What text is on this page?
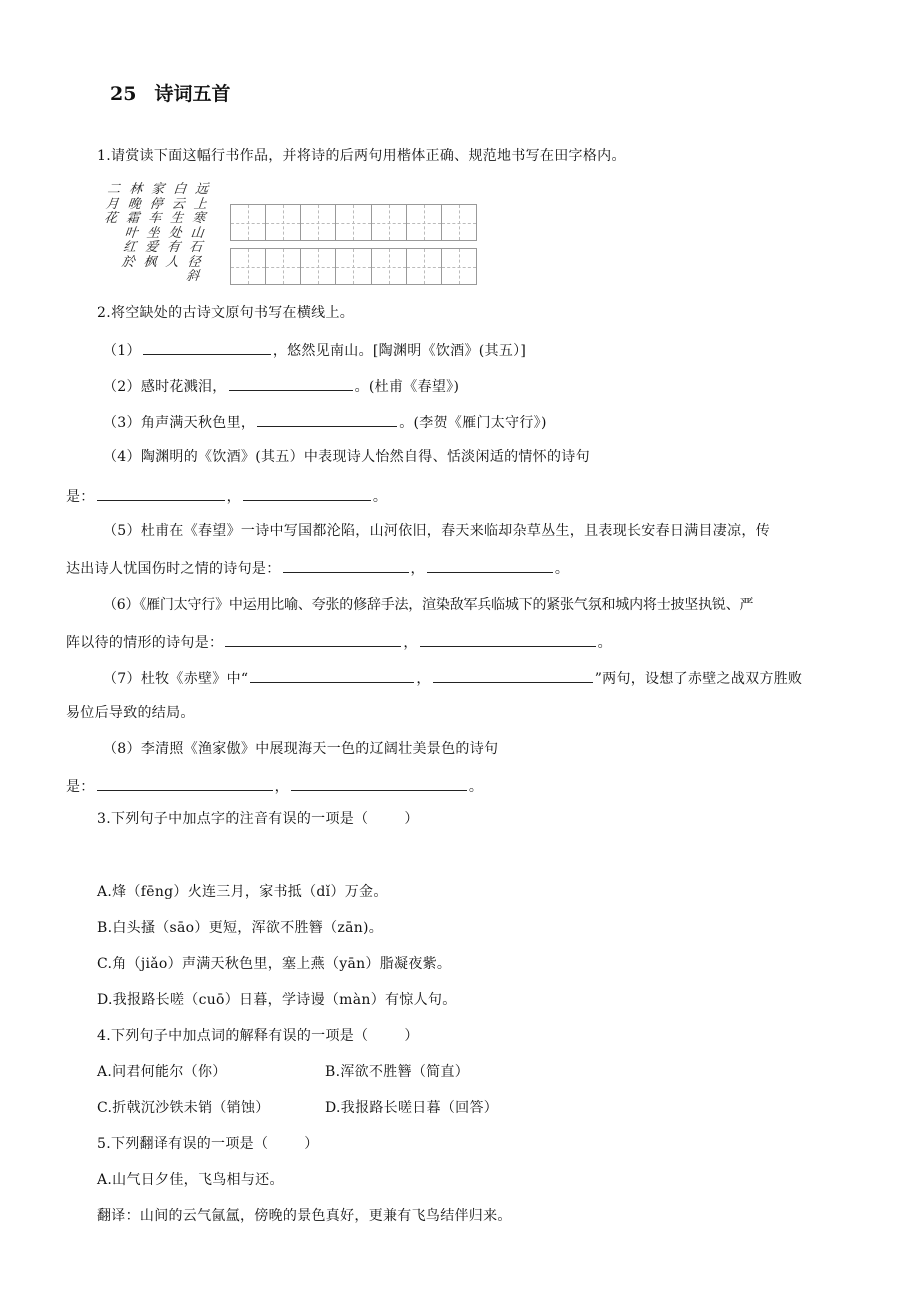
25 诗词五首
1.请赏读下面这幅行书作品，并将诗的后两句用楷体正确、规范地书写在田字格内。
远
上
寒
山
石
径
斜

白
云
生
处
有
人

家
停
车
坐
爱
枫

林
晚
霜
叶
红
於

二
月
花

2.将空缺处的古诗文原句书写在横线上。
（1）	，悠然见南山。[陶渊明《饮酒》(其五）]
（2）感时花溅泪，	。(杜甫《春望》)
（3）角声满天秋色里，	。(李贺《雁门太守行》)
（4）陶渊明的《饮酒》(其五）中表现诗人怡然自得、恬淡闲适的情怀的诗句
是：	，	。
（5）杜甫在《春望》一诗中写国都沦陷，山河依旧，春天来临却杂草丛生，且表现长安春日满目凄凉，传
达出诗人忧国伤时之情的诗句是：	，	。
（6）《雁门太守行》中运用比喻、夸张的修辞手法，渲染敌军兵临城下的紧张气氛和城内将士披坚执锐、严
阵以待的情形的诗句是：	，	。
（7）杜牧《赤壁》中“	，	”两句，设想了赤壁之战双方胜败
易位后导致的结局。
（8）李清照《渔家傲》中展现海天一色的辽阔壮美景色的诗句
是：	，	。
3.下列句子中加点字的注音有误的一项是（	）
A.烽（fēng）火连三月，家书抵（dǐ）万金。
B.白头搔（sāo）更短，浑欲不胜簪（zān)。
C.角（jiǎo）声满天秋色里，塞上燕（yān）脂凝夜紫。
D.我报路长嗟（cuō）日暮，学诗谩（màn）有惊人句。
4.下列句子中加点词的解释有误的一项是（	）
A.问君何能尔（你）	B.浑欲不胜簪（简直）
C.折戟沉沙铁未销（销蚀）	D.我报路长嗟日暮（回答）
5.下列翻译有误的一项是（	）
A.山气日夕佳，飞鸟相与还。
翻译：山间的云气氤氲，傍晚的景色真好，更兼有飞鸟结伴归来。
